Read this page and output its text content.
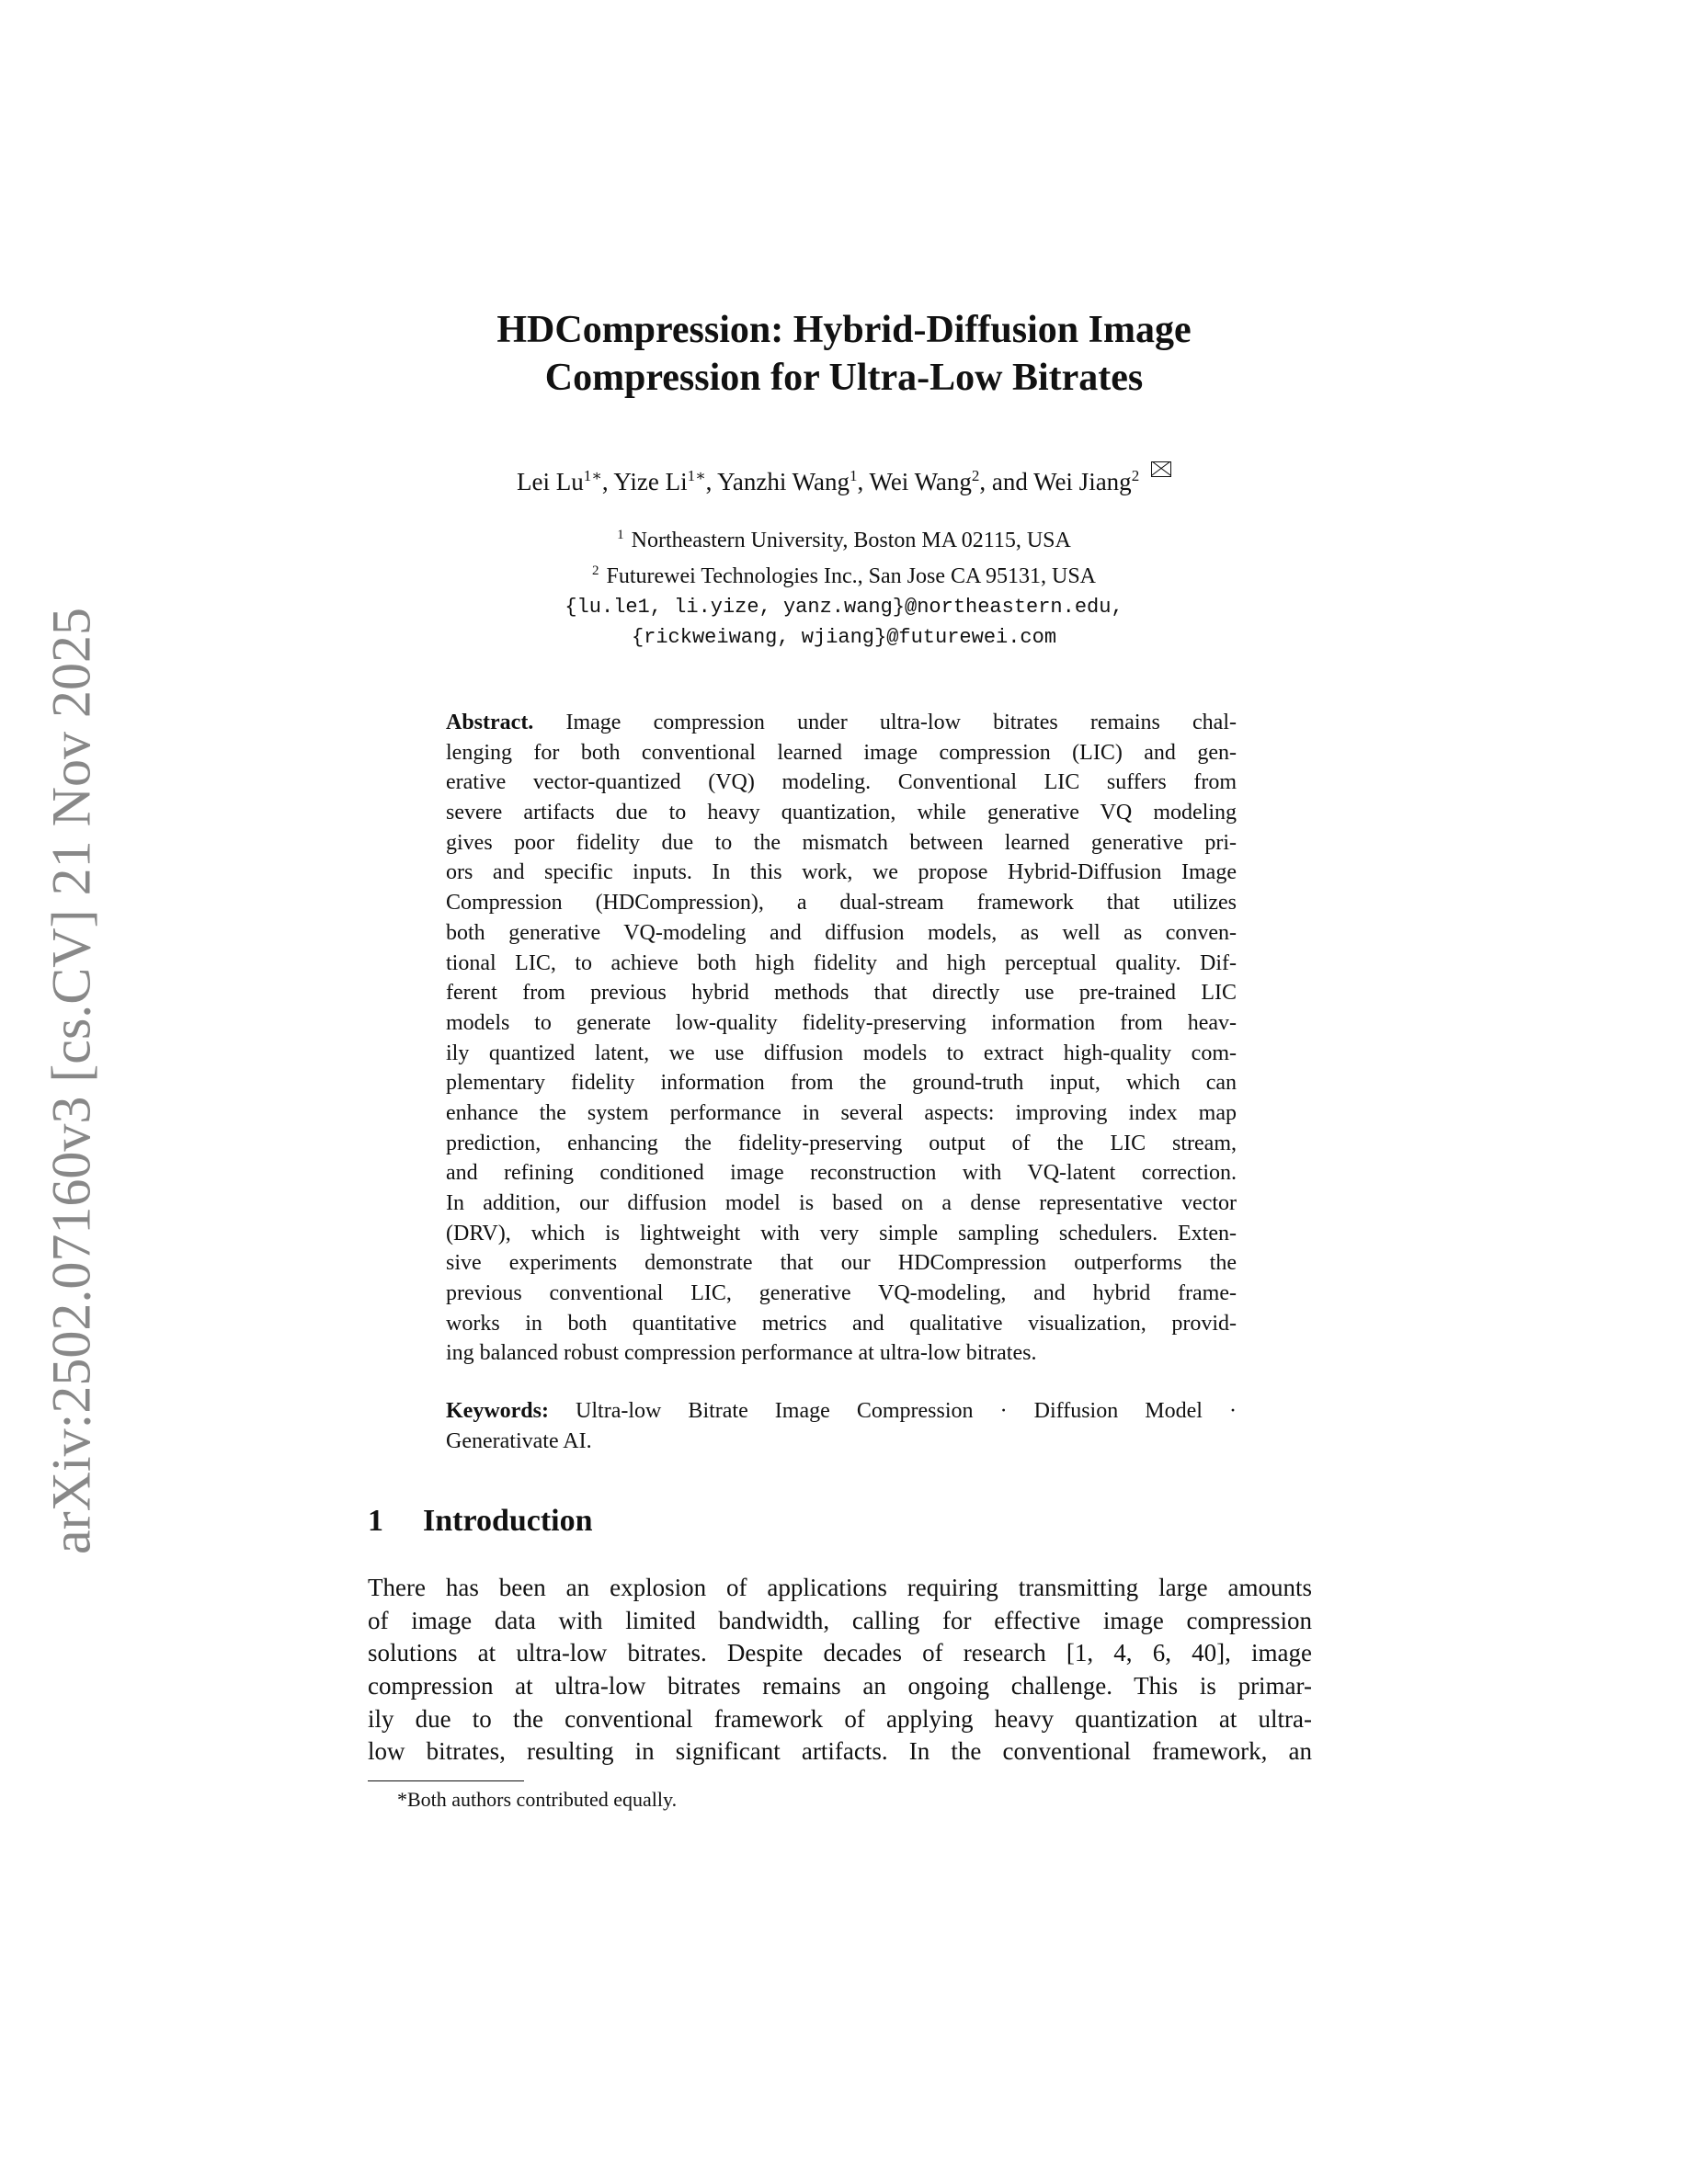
arXiv:2502.07160v3 [cs.CV] 21 Nov 2025
HDCompression: Hybrid-Diffusion Image
Compression for Ultra-Low Bitrates
Lei $Lu^{1∗}$, Yize $Li^{1∗}$, Yanzhi Wang$^1$, Wei Wang$^2$, and Wei Jiang$^2$
$^1$ Northeastern University, Boston MA 02115, USA
$^2$ Futurewei Technologies Inc., San Jose CA 95131, USA
{lu.le1, li.yize, yanz.wang}@northeastern.edu,
{rickweiwang, wjiang}@futurewei.com
Abstract. Image compression under ultra-low bitrates remains chal-
lenging for both conventional learned image compression (LIC) and gen-
erative vector-quantized (VQ) modeling. Conventional LIC suffers from
severe artifacts due to heavy quantization, while generative VQ modeling
gives poor fidelity due to the mismatch between learned generative pri-
ors and specific inputs. In this work, we propose Hybrid-Diffusion Image
Compression (HDCompression), a dual-stream framework that utilizes
both generative VQ-modeling and diffusion models, as well as conven-
tional LIC, to achieve both high fidelity and high perceptual quality. Dif-
ferent from previous hybrid methods that directly use pre-trained LIC
models to generate low-quality fidelity-preserving information from heav-
ily quantized latent, we use diffusion models to extract high-quality com-
plementary fidelity information from the ground-truth input, which can
enhance the system performance in several aspects: improving index map
prediction, enhancing the fidelity-preserving output of the LIC stream,
and refining conditioned image reconstruction with VQ-latent correction.
In addition, our diffusion model is based on a dense representative vector
(DRV), which is lightweight with very simple sampling schedulers. Exten-
sive experiments demonstrate that our HDCompression outperforms the
previous conventional LIC, generative VQ-modeling, and hybrid frame-
works in both quantitative metrics and qualitative visualization, provid-
ing balanced robust compression performance at ultra-low bitrates.
Keywords: Ultra-low Bitrate Image Compression · Diffusion Model ·
Generativate AI.
1 Introduction
There has been an explosion of applications requiring transmitting large amounts
of image data with limited bandwidth, calling for effective image compression
solutions at ultra-low bitrates. Despite decades of research [1, 4, 6, 40], image
compression at ultra-low bitrates remains an ongoing challenge. This is primar-
ily due to the conventional framework of applying heavy quantization at ultra-
low bitrates, resulting in significant artifacts. In the conventional framework, an
*Both authors contributed equally.
